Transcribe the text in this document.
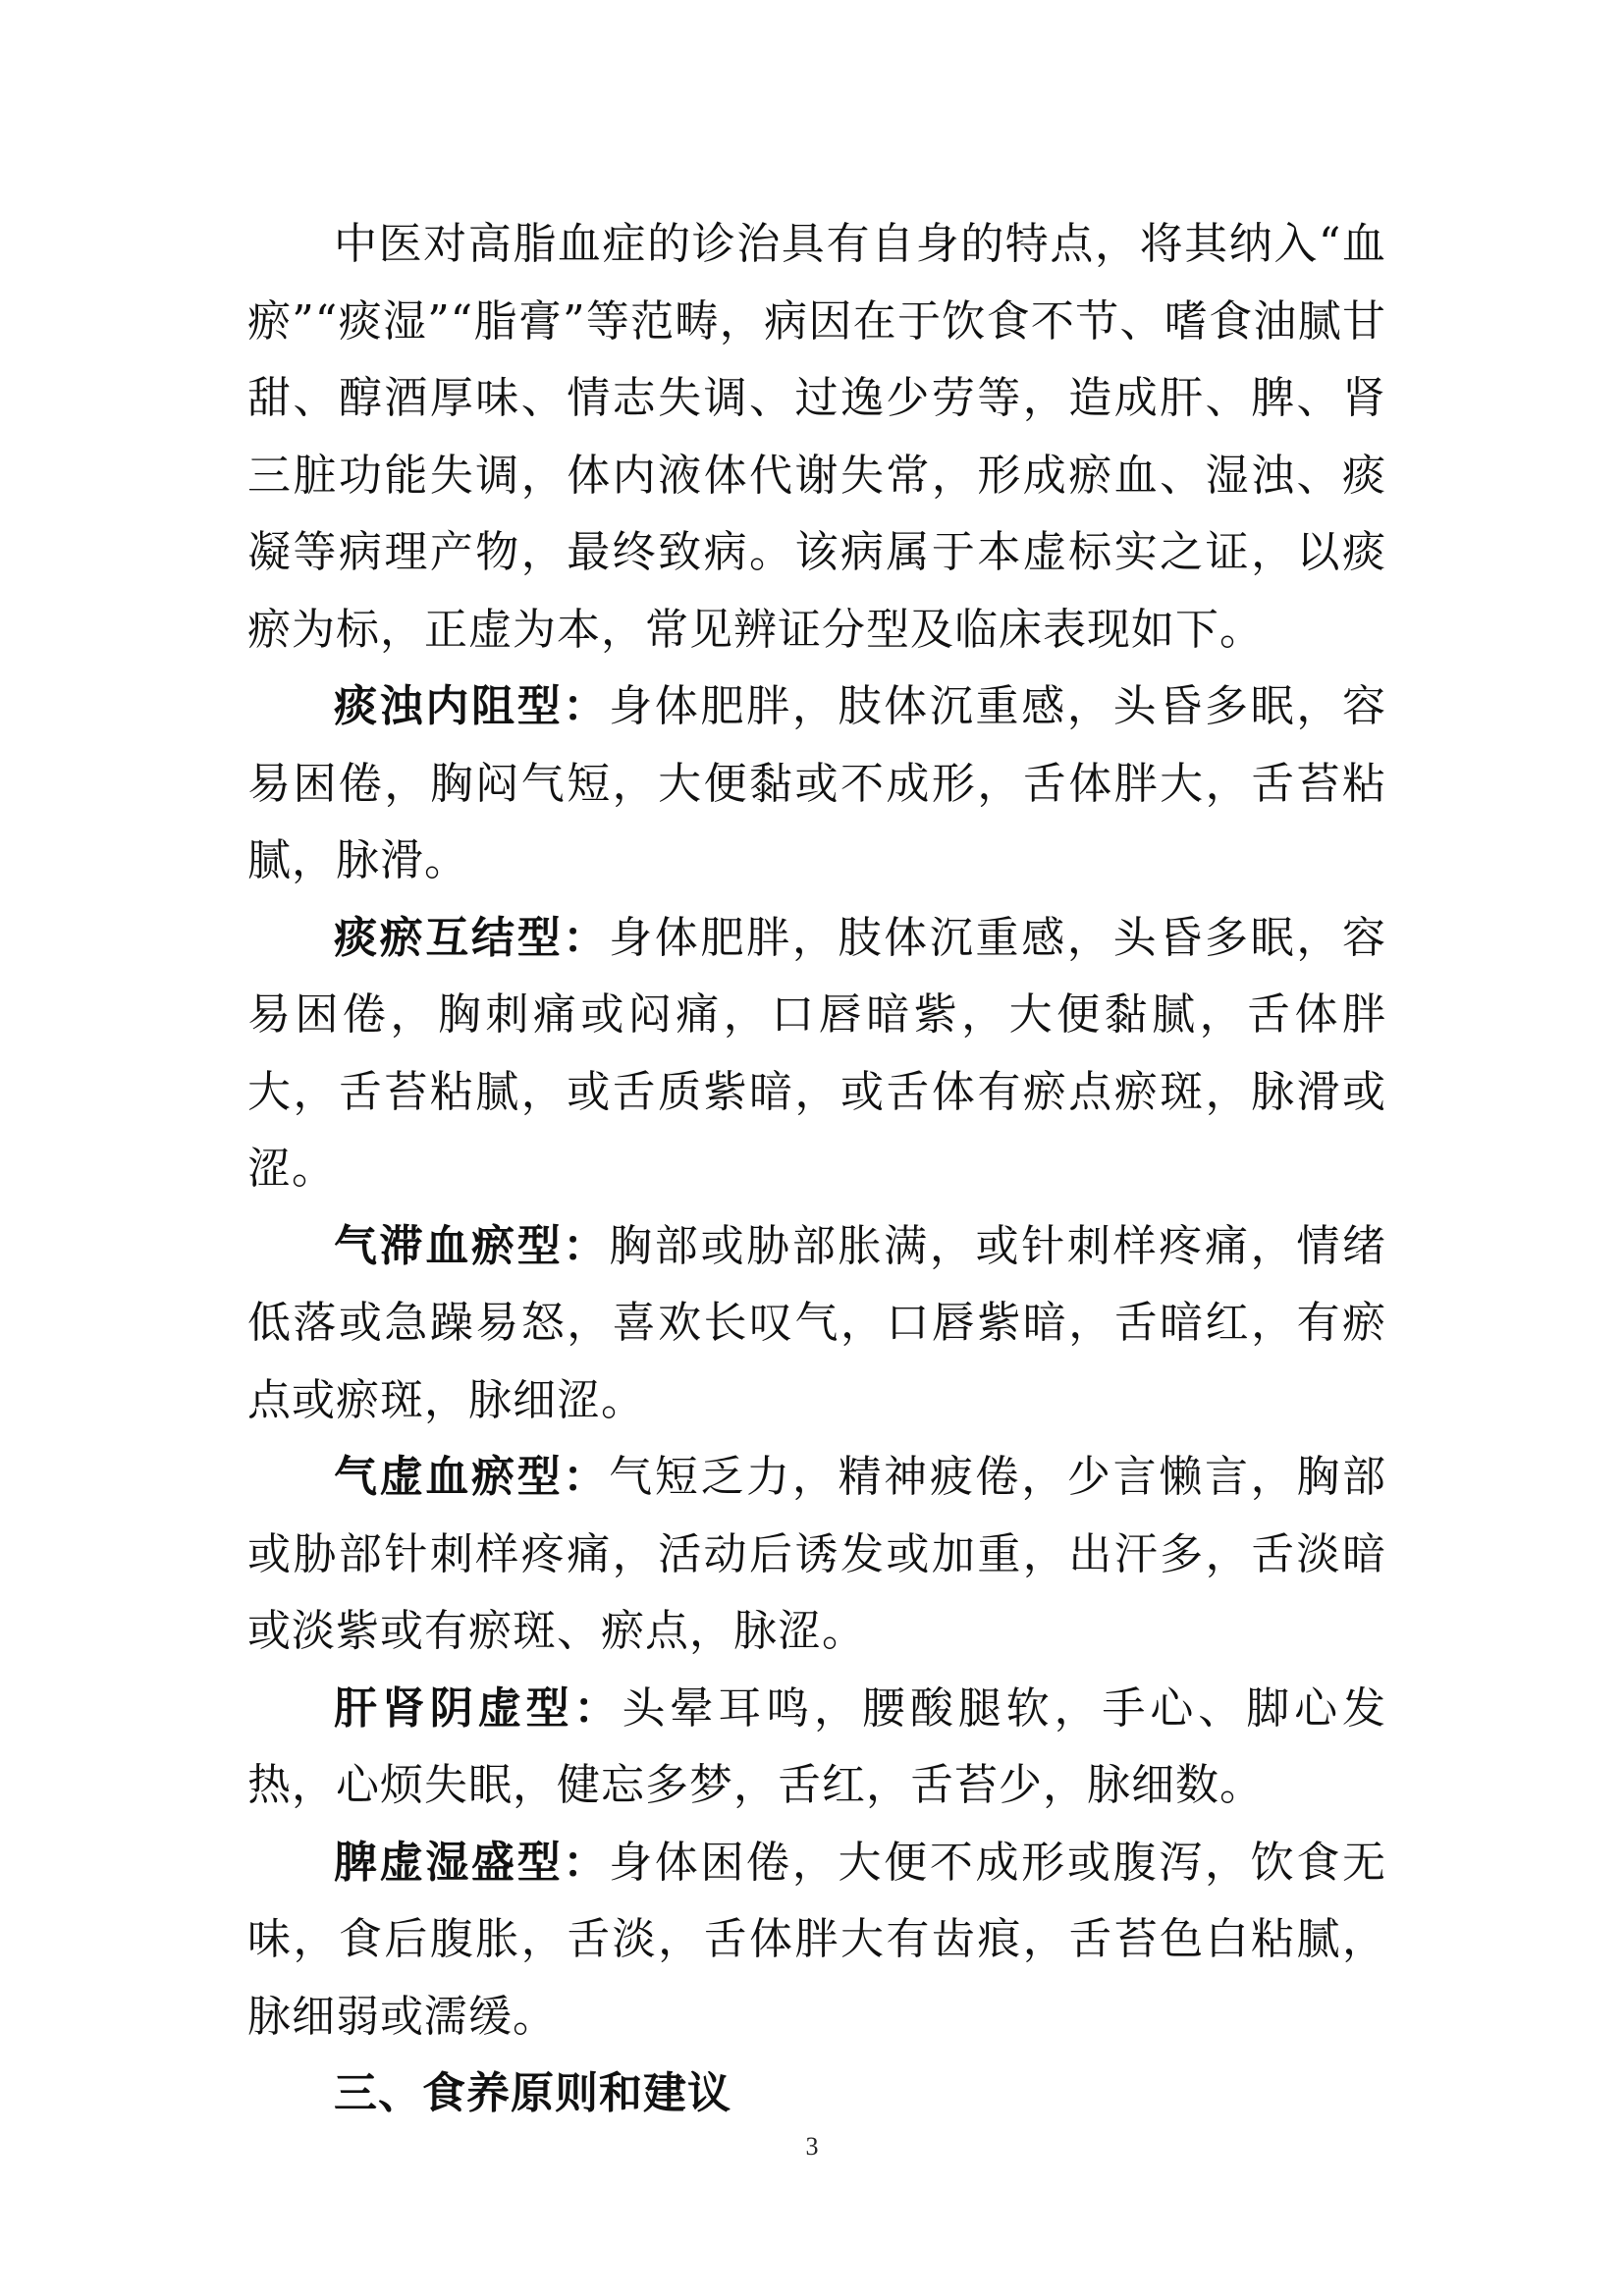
中医对高脂血症的诊治具有自身的特点，将其纳入“血瘀”“痰湿”“脂膏”等范畴，病因在于饮食不节、嗜食油腻甘甜、醇酒厚味、情志失调、过逸少劳等，造成肝、脾、肾三脏功能失调，体内液体代谢失常，形成瘀血、湿浊、痰凝等病理产物，最终致病。该病属于本虚标实之证，以痰瘀为标，正虚为本，常见辨证分型及临床表现如下。

痰浊内阻型：身体肥胖，肢体沉重感，头昏多眠，容易困倦，胸闷气短，大便黏或不成形，舌体胖大，舌苔粘腻，脉滑。

痰瘀互结型：身体肥胖，肢体沉重感，头昏多眠，容易困倦，胸刺痛或闷痛，口唇暗紫，大便黏腻，舌体胖大，舌苔粘腻，或舌质紫暗，或舌体有瘀点瘀斑，脉滑或涩。

气滞血瘀型：胸部或胁部胀满，或针刺样疼痛，情绪低落或急躁易怒，喜欢长叹气，口唇紫暗，舌暗红，有瘀点或瘀斑，脉细涩。

气虚血瘀型：气短乏力，精神疲倦，少言懒言，胸部或胁部针刺样疼痛，活动后诱发或加重，出汗多，舌淡暗或淡紫或有瘀斑、瘀点，脉涩。

肝肾阴虚型：头晕耳鸣，腰酸腿软，手心、脚心发热，心烦失眠，健忘多梦，舌红，舌苔少，脉细数。

脾虚湿盛型：身体困倦，大便不成形或腹泻，饮食无味，食后腹胀，舌淡，舌体胖大有齿痕，舌苔色白粘腻，脉细弱或濡缓。

三、食养原则和建议
3
